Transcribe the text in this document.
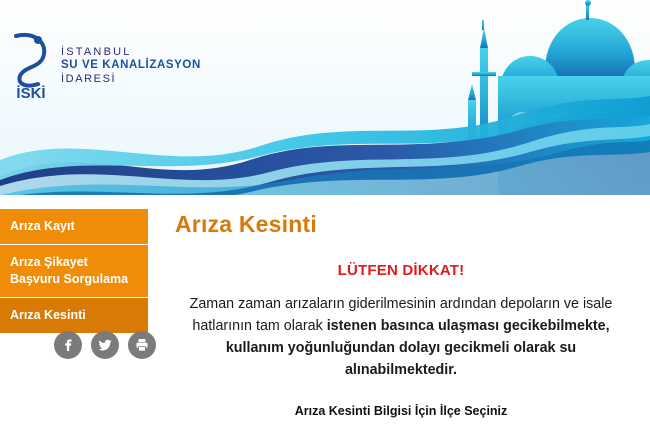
İSKİ
İSTANBUL
SU VE KANALİZASYON
İDARESİ
Arıza Kayıt
Arıza Şikayet Başvuru Sorgulama
Arıza Kesinti
Arıza Kesinti
LÜTFEN DİKKAT!
Zaman zaman arızaların giderilmesinin ardından depoların ve isale hatlarının tam olarak istenen basınca ulaşması gecikebilmekte, kullanım yoğunluğundan dolayı gecikmeli olarak su alınabilmektedir.
Arıza Kesinti Bilgisi İçin İlçe Seçiniz
